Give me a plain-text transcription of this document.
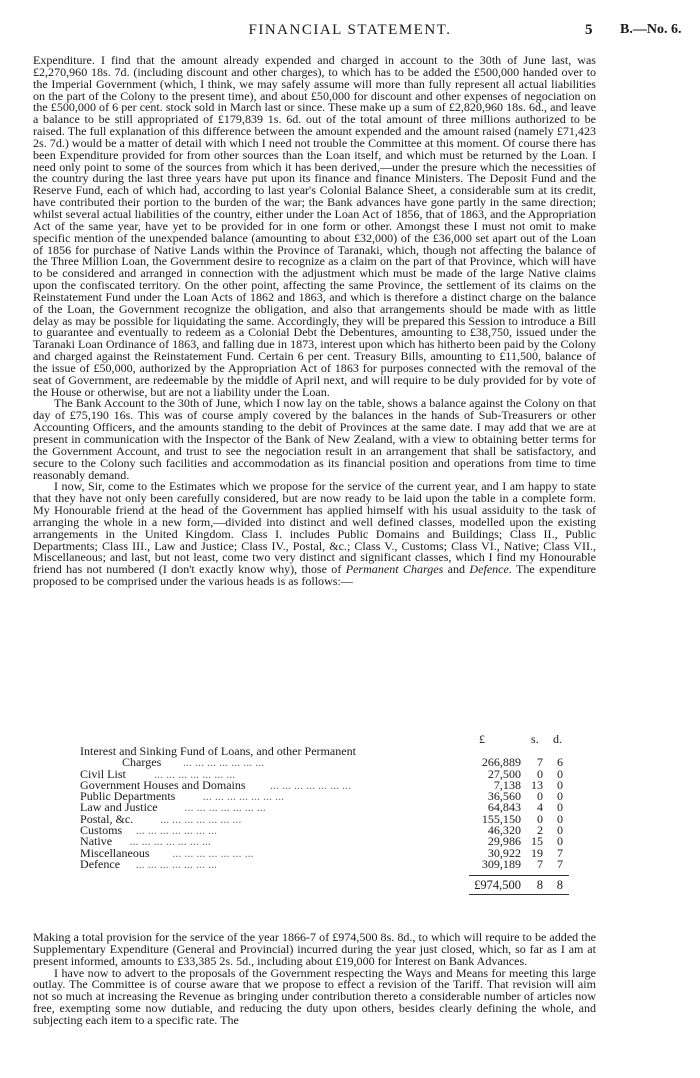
FINANCIAL STATEMENT.	5 B.—No. 6.

Expenditure. I find that the amount already expended and charged in account to the 30th of June last, was £2,270,960 18s. 7d. (including discount and other charges), to which has to be added the £500,000 handed over to the Imperial Government (which, I think, we may safely assume will more than fully represent all actual liabilities on the part of the Colony to the present time), and about £50,000 for discount and other expenses of negociation on the £500,000 of 6 per cent. stock sold in March last or since. These make up a sum of £2,820,960 18s. 6d., and leave a balance to be still appropriated of £179,839 1s. 6d. out of the total amount of three millions authorized to be raised. The full explanation of this difference between the amount expended and the amount raised (namely £71,423 2s. 7d.) would be a matter of detail with which I need not trouble the Committee at this moment. Of course there has been Expenditure provided for from other sources than the Loan itself, and which must be returned by the Loan. I need only point to some of the sources from which it has been derived,—under the presure which the necessities of the country during the last three years have put upon its finance and finance Ministers. The Deposit Fund and the Reserve Fund, each of which had, according to last year's Colonial Balance Sheet, a considerable sum at its credit, have contributed their portion to the burden of the war; the Bank advances have gone partly in the same direction; whilst several actual liabilities of the country, either under the Loan Act of 1856, that of 1863, and the Appropriation Act of the same year, have yet to be provided for in one form or other. Amongst these I must not omit to make specific mention of the unexpended balance (amounting to about £32,000) of the £36,000 set apart out of the Loan of 1856 for purchase of Native Lands within the Province of Taranaki, which, though not affecting the balance of the Three Million Loan, the Government desire to recognize as a claim on the part of that Province, which will have to be considered and arranged in connection with the adjustment which must be made of the large Native claims upon the confiscated territory. On the other point, affecting the same Province, the settlement of its claims on the Reinstatement Fund under the Loan Acts of 1862 and 1863, and which is therefore a distinct charge on the balance of the Loan, the Government recognize the obligation, and also that arrangements should be made with as little delay as may be possible for liquidating the same. Accordingly, they will be prepared this Session to introduce a Bill to guarantee and eventually to redeem as a Colonial Debt the Debentures, amounting to £38,750, issued under the Taranaki Loan Ordinance of 1863, and falling due in 1873, interest upon which has hitherto been paid by the Colony and charged against the Reinstatement Fund. Certain 6 per cent. Treasury Bills, amounting to £11,500, balance of the issue of £50,000, authorized by the Appropriation Act of 1863 for purposes connected with the removal of the seat of Government, are redeemable by the middle of April next, and will require to be duly provided for by vote of the House or otherwise, but are not a liability under the Loan.

The Bank Account to the 30th of June, which I now lay on the table, shows a balance against the Colony on that day of £75,190 16s. This was of course amply covered by the balances in the hands of Sub-Treasurers or other Accounting Officers, and the amounts standing to the debit of Provinces at the same date. I may add that we are at present in communication with the Inspector of the Bank of New Zealand, with a view to obtaining better terms for the Government Account, and trust to see the negociation result in an arrangement that shall be satisfactory, and secure to the Colony such facilities and accommodation as its financial position and operations from time to time reasonably demand.

I now, Sir, come to the Estimates which we propose for the service of the current year, and I am happy to state that they have not only been carefully considered, but are now ready to be laid upon the table in a complete form. My Honourable friend at the head of the Government has applied himself with his usual assiduity to the task of arranging the whole in a new form,—divided into distinct and well defined classes, modelled upon the existing arrangements in the United Kingdom. Class I. includes Public Domains and Buildings; Class II., Public Departments; Class III., Law and Justice; Class IV., Postal, &c.; Class V., Customs; Class VI., Native; Class VII., Miscellaneous; and last, but not least, come two very distinct and significant classes, which I find my Honourable friend has not numbered (I don't exactly know why), those of Permanent Charges and Defence. The expenditure proposed to be comprised under the various heads is as follows:—

£	s. d.
Interest and Sinking Fund of Loans, and other Permanent
Charges ... ... ... ... ... ... ...	266,889	7	6
Civil List ... ... ... ... ... ... ...	27,500	0	0
Government Houses and Domains ... ... ... ... ... ... ...	7,138 13	0
Public Departments ... ... ... ... ... ... ...	36,560	0	0
Law and Justice ... ... ... ... ... ... ...	64,843	4	0
Postal, &c. ... ... ... ... ... ... ...	155,150	0	0
Customs ... ... ... ... ... ... ...	46,320	2	0
Native ... ... ... ... ... ... ...	29,986 15	0
Miscellaneous ... ... ... ... ... ... ...	30,922 19	7
Defence ... ... ... ... ... ... ...	309,189	7	7
£974,500	8	8

Making a total provision for the service of the year 1866-7 of £974,500 8s. 8d., to which will require to be added the Supplementary Expenditure (General and Provincial) incurred during the year just closed, which, so far as I am at present informed, amounts to £33,385 2s. 5d., including about £19,000 for Interest on Bank Advances.

I have now to advert to the proposals of the Government respecting the Ways and Means for meeting this large outlay. The Committee is of course aware that we propose to effect a revision of the Tariff. That revision will aim not so much at increasing the Revenue as bringing under contribution thereto a considerable number of articles now free, exempting some now dutiable, and reducing the duty upon others, besides clearly defining the whole, and subjecting each item to a specific rate. The
